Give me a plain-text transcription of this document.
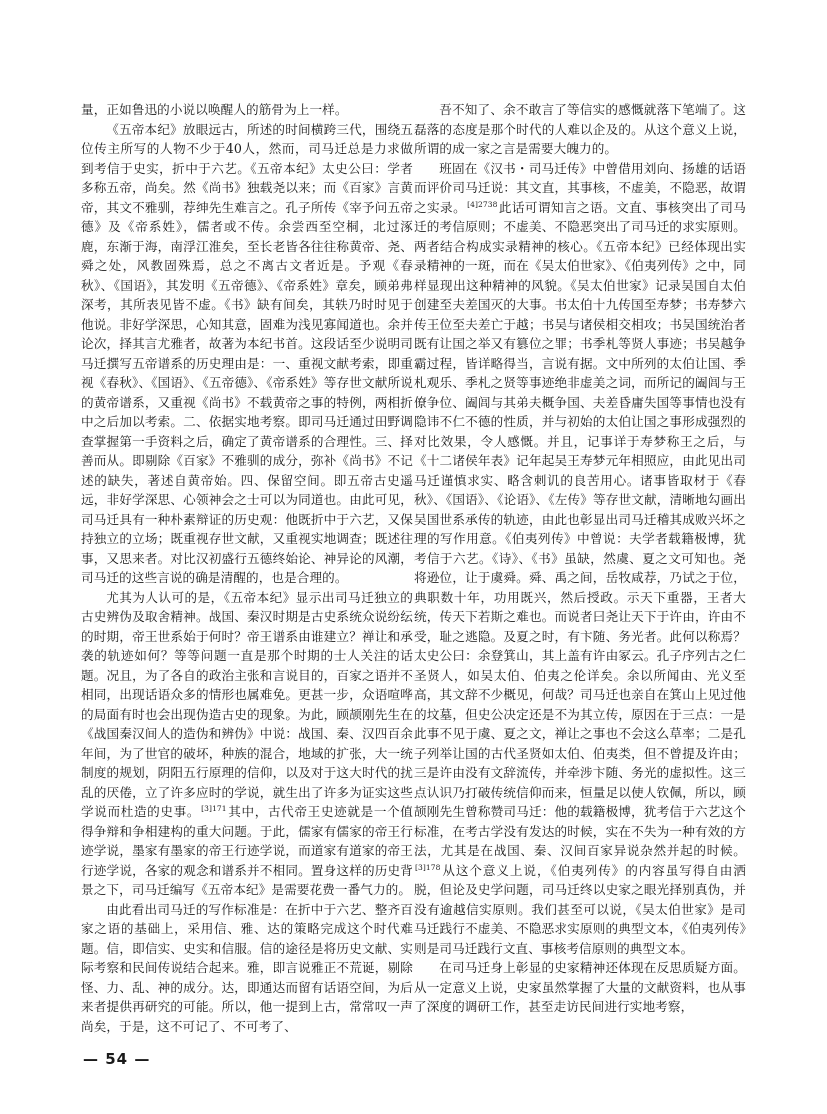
量，正如鲁迅的小说以唤醒人的筋骨为上一样。

《五帝本纪》放眼远古，所述的时间横跨三代，围绕五位传主所写的人物不少于40人，然而，司马迁总是力求做到考信于史实，折中于六艺。《五帝本纪》太史公曰：学者多称五帝，尚矣。然《尚书》独载尧以来；而《百家》言黄帝，其文不雅驯，荐绅先生难言之。孔子所传《宰予问五帝德》及《帝系姓》，儒者或不传。余尝西至空桐，北过涿鹿，东渐于海，南浮江淮矣，至长老皆各往往称黄帝、尧、舜之处，风教固殊焉，总之不离古文者近是。予观《春秋》、《国语》，其发明《五帝德》、《帝系姓》章矣，顾弟弗深考，其所表见皆不虚。《书》缺有间矣，其轶乃时时见于他说。非好学深思，心知其意，固难为浅见寡闻道也。余并论次，择其言尤雅者，故著为本纪书首。这段话至少说明司马迁撰写五帝谱系的历史理由是：一、重视文献考索，即重视《春秋》、《国语》、《五帝德》、《帝系姓》等存世文献所说的黄帝谱系，又重视《尚书》不载黄帝之事的特例，两相折中之后加以考索。二、依据实地考察。即司马迁通过田野调查掌握第一手资料之后，确定了黄帝谱系的合理性。三、择善而从。即剔除《百家》不雅驯的成分，弥补《尚书》不记述的缺失，著述自黄帝始。四、保留空间。即五帝古史遥远，非好学深思、心领神会之士可以为同道也。由此可见，司马迁具有一种朴素辩证的历史观：他既折中于六艺，又保持独立的立场；既重视存世文献，又重视实地调查；既述往事，又思来者。对比汉初盛行五德终始论、神异论的风潮，司马迁的这些言说的确是清醒的，也是合理的。

尤其为人认可的是，《五帝本纪》显示出司马迁独立的古史辨伪及取舍精神。战国、秦汉时期是古史系统众说纷纭的时期，帝王世系始于何时？帝王谱系由谁建立？禅让和承袭的轨迹如何？等等问题一直是那个时期的士人关注的话题。况且，为了各自的政治主张和言说目的，百家之语并不相同，出现话语众多的情形也属难免。更甚一步，众语喧哗的局面有时也会出现伪造古史的现象。为此，顾颉刚先生在《战国秦汉间人的造伪和辨伪》中说：战国、秦、汉四百余年间，为了世官的破坏，种族的混合，地域的扩张，大一统制度的规划，阴阳五行原理的信仰，以及对于这大时代的扰乱的厌倦，立了许多应时的学说，就生出了许多为证实这些学说而杜造的史事。$^{[3]171}$其中，古代帝王史迹就是一个值得争辩和争相建构的重大问题。于此，儒家有儒家的帝王行迹学说，墨家有墨家的帝王行迹学说，而道家有道家的帝王行迹学说，各家的观念和谱系并不相同。置身这样的历史背景之下，司马迁编写《五帝本纪》是需要花费一番气力的。

由此看出司马迁的写作标准是：在折中于六艺、整齐百家之语的基础上，采用信、雅、达的策略完成这个时代难题。信，即信实、史实和信服。信的途径是将历史文献、实际考察和民间传说结合起来。雅，即言说雅正不荒诞，剔除怪、力、乱、神的成分。达，即通达而留有话语空间，为后来者提供再研究的可能。所以，他一提到上古，常常叹一声尚矣，于是，这不可记了、不可考了、

吾不知了、余不敢言了等信实的感慨就落下笔端了。这磊落的态度是那个时代的人难以企及的。从这个意义上说，所谓的成一家之言是需要大魄力的。

班固在《汉书・司马迁传》中曾借用刘向、扬雄的话语而评价司马迁说：其文直，其事核，不虚美，不隐恶，故谓之实录。$^{[4]2738}$此话可谓知言之语。文直、事核突出了司马迁的考信原则；不虚美、不隐恶突出了司马迁的求实原则。两者结合构成实录精神的核心。《五帝本纪》已经体现出实录精神的一斑，而在《吴太伯世家》、《伯夷列传》之中，同样显现出这种精神的风貌。《吴太伯世家》记录吴国自太伯创建至夫差国灭的大事。书太伯十九传国至寿梦；书寿梦六传王位至夫差亡于越；书吴与诸侯相交相攻；书吴国统治者既有让国之举又有篡位之罪；书季札等贤人事迹；书吴越争霸过程，皆详略得当，言说有据。文中所列的太伯让国、季札观乐、季札之贤等事迹绝非虚美之词，而所记的阖闾与王僚争位、阖闾与其弟夫概争国、夫差昏庸失国等事情也没有隐讳不仁不德的性质，并与初始的太伯让国之事形成强烈的对比效果，令人感慨。并且，记事详于寿梦称王之后，与《十二诸侯年表》记年起吴王寿梦元年相照应，由此见出司马迁谨慎求实、略含刺讥的良苦用心。诸事皆取材于《春秋》、《国语》、《论语》、《左传》等存世文献，清晰地勾画出吴国世系承传的轨迹，由此也彰显出司马迁稽其成败兴坏之理的写作用意。《伯夷列传》中曾说：夫学者载籍极博，犹考信于六艺。《诗》、《书》虽缺，然虞、夏之文可知也。尧将逊位，让于虞舜。舜、禹之间，岳牧咸荐，乃试之于位，典职数十年，功用既兴，然后授政。示天下重器，王者大统，传天下若斯之难也。而说者曰尧让天下于许由，许由不受，耻之逃隐。及夏之时，有卞随、务光者。此何以称焉？太史公曰：余登箕山，其上盖有许由冢云。孔子序列古之仁圣贤人，如吴太伯、伯夷之伦详矣。余以所闻由、光义至高，其文辞不少概见，何哉？司马迁也亲自在箕山上见过他的坟墓，但史公决定还是不为其立传，原因在于三点：一是此事不见于虞、夏之文，禅让之事也不会这么草率；二是孔子列举让国的古代圣贤如太伯、伯夷类，但不曾提及许由；三是许由没有文辞流传，并牵涉卞随、务光的虚拟性。这三点认识乃打破传统信仰而来，恒量足以使人钦佩，所以，顾颉刚先生曾称赞司马迁：他的载籍极博，犹考信于六艺这个标准，在考古学没有发达的时候，实在不失为一种有效的方法，尤其是在战国、秦、汉间百家异说杂然并起的时候。$^{[3]178}$从这个意义上说，《伯夷列传》的内容虽写得自由洒脱，但论及史学问题，司马迁终以史家之眼光择别真伪，并没有逾越信实原则。我们甚至可以说，《吴太伯世家》是司马迁践行不虚美、不隐恶求实原则的典型文本，《伯夷列传》则是司马迁践行文直、事核考信原则的典型文本。

在司马迁身上彰显的史家精神还体现在反思质疑方面。从一定意义上说，史家虽然掌握了大量的文献资料，也从事了深度的调研工作，甚至走访民间进行实地考察，

— 54 —
